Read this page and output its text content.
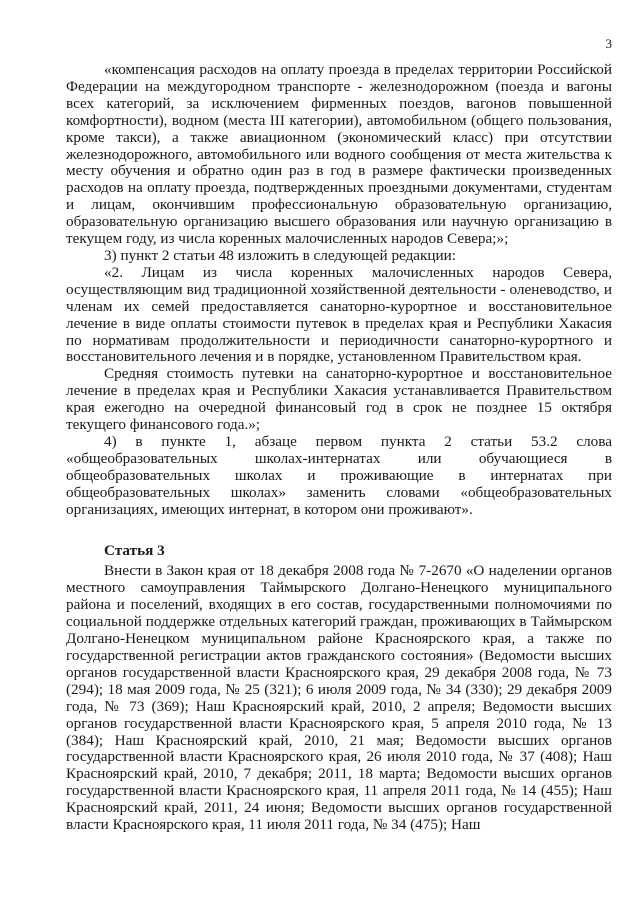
3

«компенсация расходов на оплату проезда в пределах территории Российской Федерации на междугородном транспорте - железнодорожном (поезда и вагоны всех категорий, за исключением фирменных поездов, вагонов повышенной комфортности), водном (места III категории), автомобильном (общего пользования, кроме такси), а также авиационном (экономический класс) при отсутствии железнодорожного, автомобильного или водного сообщения от места жительства к месту обучения и обратно один раз в год в размере фактически произведенных расходов на оплату проезда, подтвержденных проездными документами, студентам и лицам, окончившим профессиональную образовательную организацию, образовательную организацию высшего образования или научную организацию в текущем году, из числа коренных малочисленных народов Севера;»;

3) пункт 2 статьи 48 изложить в следующей редакции:

«2. Лицам из числа коренных малочисленных народов Севера, осуществляющим вид традиционной хозяйственной деятельности - оленеводство, и членам их семей предоставляется санаторно-курортное и восстановительное лечение в виде оплаты стоимости путевок в пределах края и Республики Хакасия по нормативам продолжительности и периодичности санаторно-курортного и восстановительного лечения и в порядке, установленном Правительством края.

Средняя стоимость путевки на санаторно-курортное и восстановительное лечение в пределах края и Республики Хакасия устанавливается Правительством края ежегодно на очередной финансовый год в срок не позднее 15 октября текущего финансового года.»;

4) в пункте 1, абзаце первом пункта 2 статьи 53.2 слова «общеобразовательных школах-интернатах или обучающиеся в общеобразовательных школах и проживающие в интернатах при общеобразовательных школах» заменить словами «общеобразовательных организациях, имеющих интернат, в котором они проживают».

Статья 3

Внести в Закон края от 18 декабря 2008 года № 7-2670 «О наделении органов местного самоуправления Таймырского Долгано-Ненецкого муниципального района и поселений, входящих в его состав, государственными полномочиями по социальной поддержке отдельных категорий граждан, проживающих в Таймырском Долгано-Ненецком муниципальном районе Красноярского края, а также по государственной регистрации актов гражданского состояния» (Ведомости высших органов государственной власти Красноярского края, 29 декабря 2008 года, № 73 (294); 18 мая 2009 года, № 25 (321); 6 июля 2009 года, № 34 (330); 29 декабря 2009 года, № 73 (369); Наш Красноярский край, 2010, 2 апреля; Ведомости высших органов государственной власти Красноярского края, 5 апреля 2010 года, № 13 (384); Наш Красноярский край, 2010, 21 мая; Ведомости высших органов государственной власти Красноярского края, 26 июля 2010 года, № 37 (408); Наш Красноярский край, 2010, 7 декабря; 2011, 18 марта; Ведомости высших органов государственной власти Красноярского края, 11 апреля 2011 года, № 14 (455); Наш Красноярский край, 2011, 24 июня; Ведомости высших органов государственной власти Красноярского края, 11 июля 2011 года, № 34 (475); Наш
